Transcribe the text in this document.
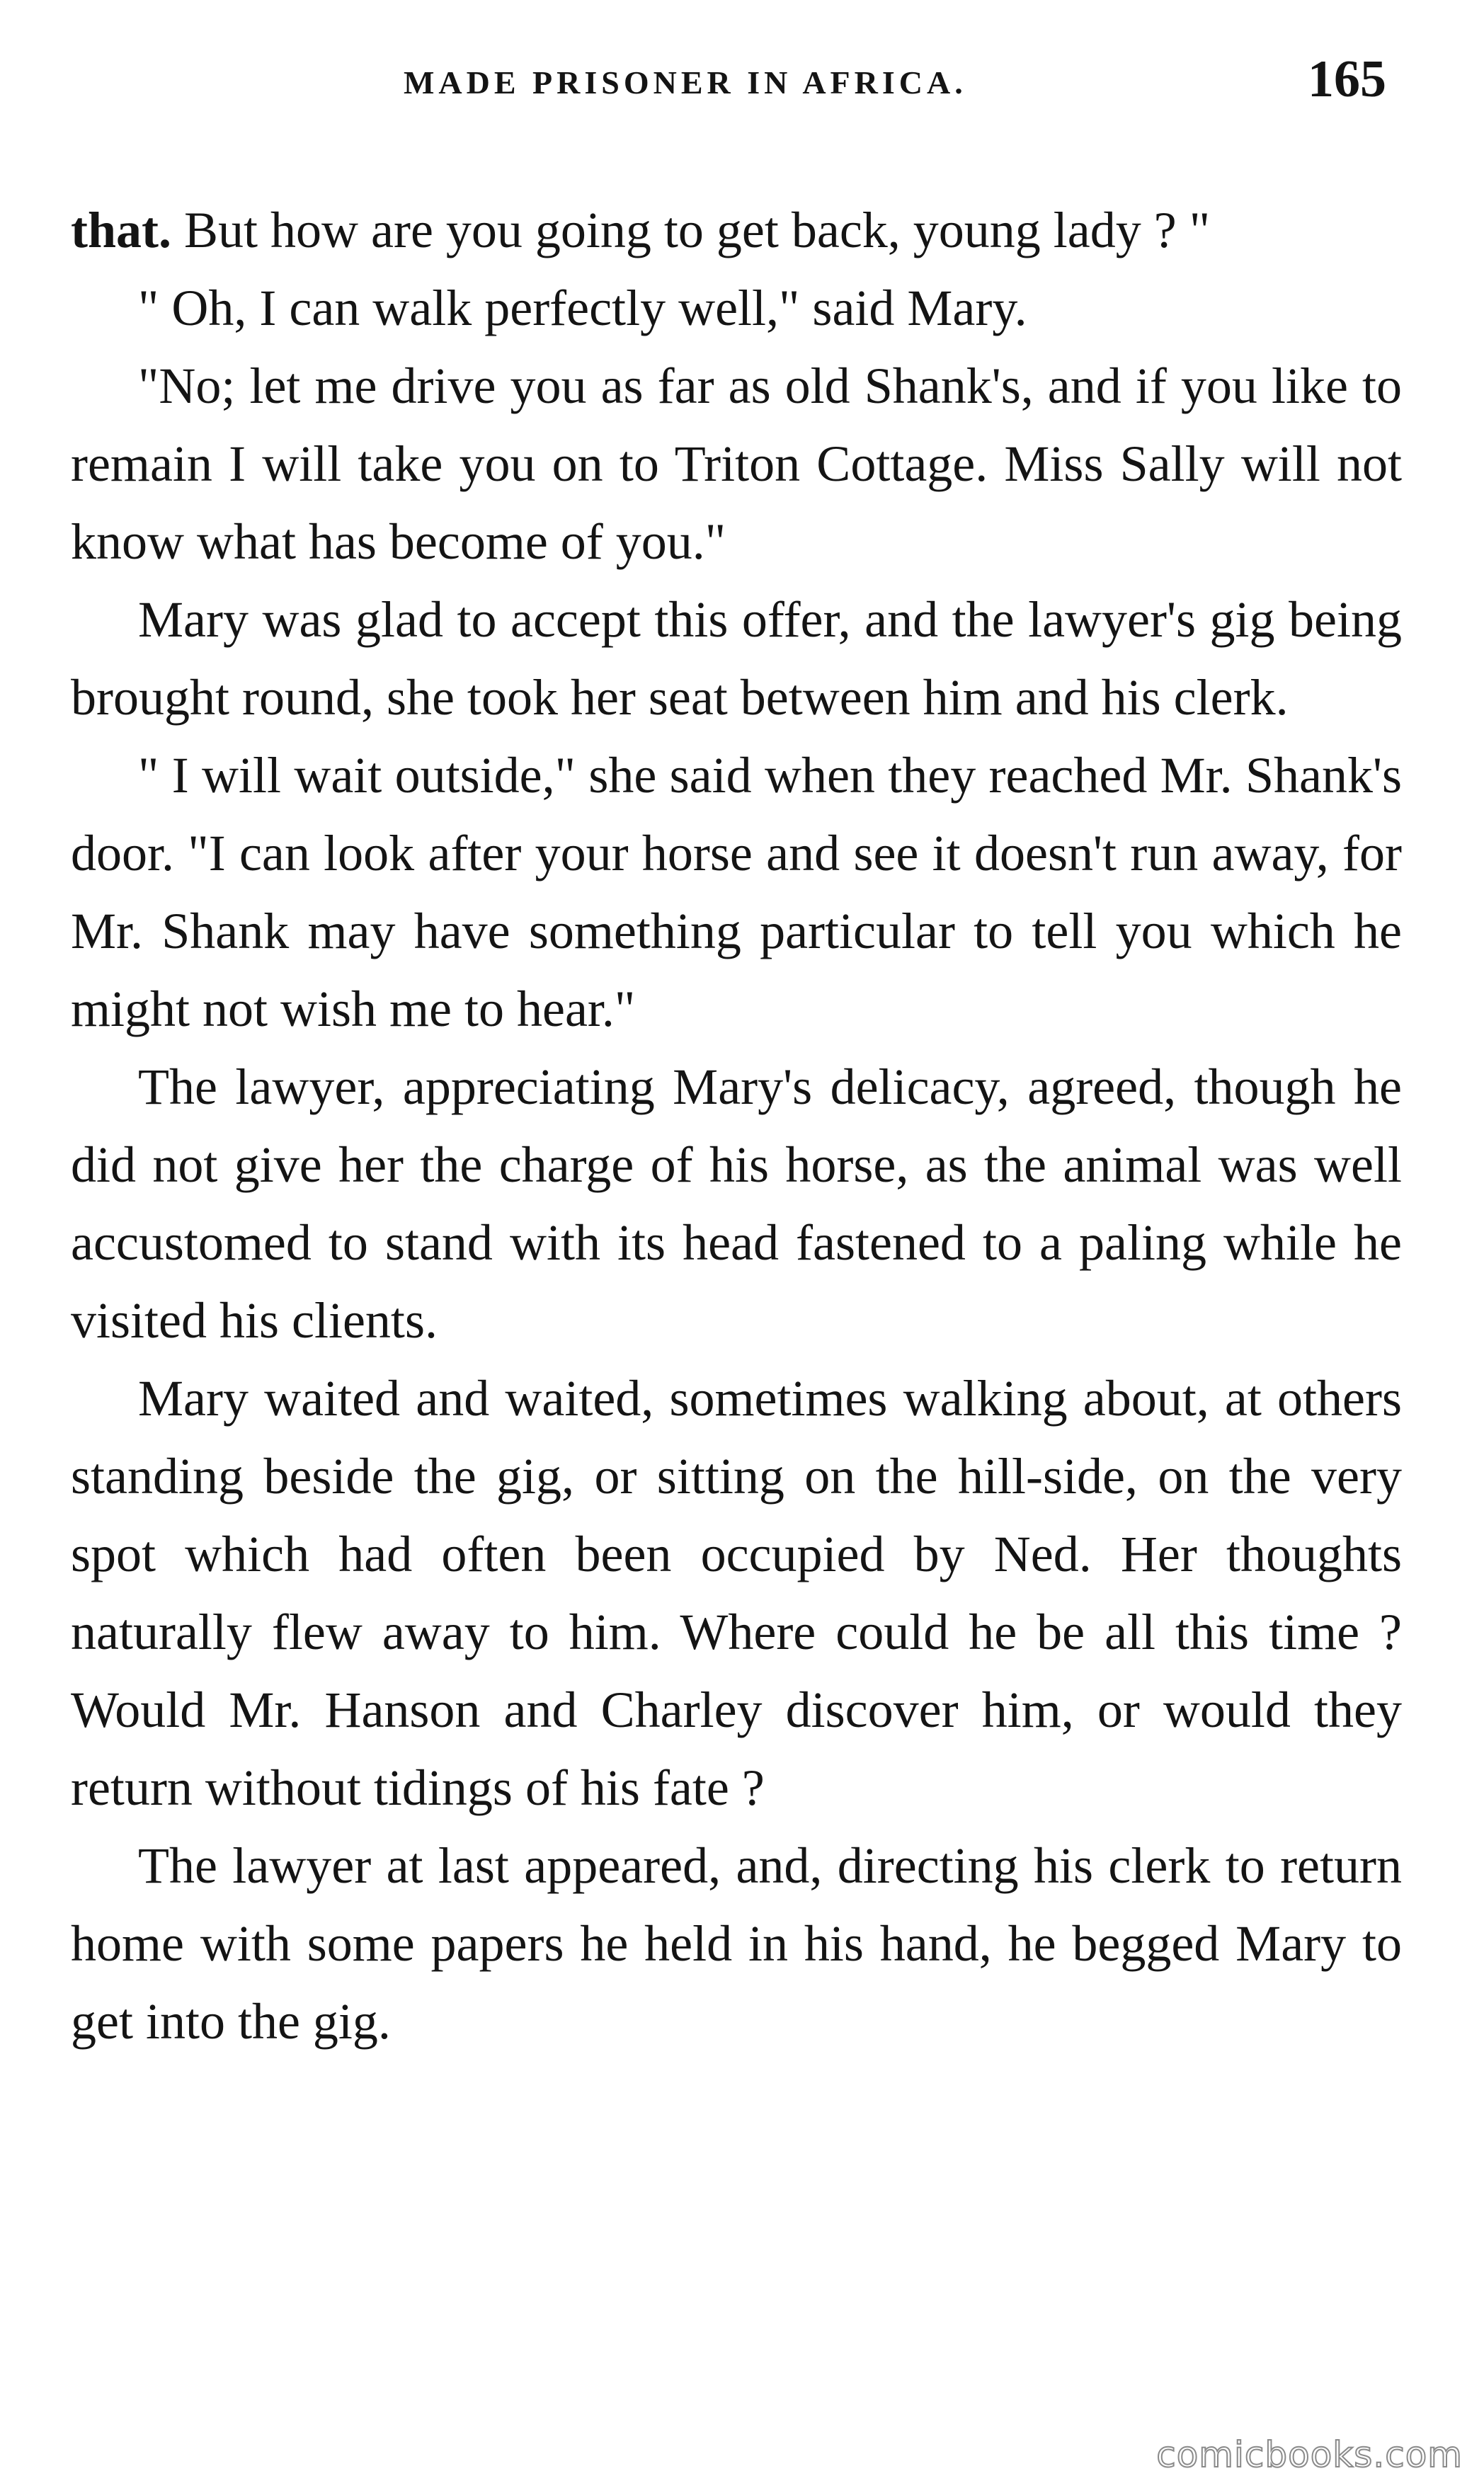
MADE PRISONER IN AFRICA.	165

that. But how are you going to get back, young lady ? "

" Oh, I can walk perfectly well," said Mary.

"No; let me drive you as far as old Shank's, and if you like to remain I will take you on to Triton Cottage. Miss Sally will not know what has become of you."

Mary was glad to accept this offer, and the lawyer's gig being brought round, she took her seat between him and his clerk.

" I will wait outside," she said when they reached Mr. Shank's door. "I can look after your horse and see it doesn't run away, for Mr. Shank may have something particular to tell you which he might not wish me to hear."

The lawyer, appreciating Mary's delicacy, agreed, though he did not give her the charge of his horse, as the animal was well accustomed to stand with its head fastened to a paling while he visited his clients.

Mary waited and waited, sometimes walking about, at others standing beside the gig, or sitting on the hill-side, on the very spot which had often been occupied by Ned. Her thoughts naturally flew away to him. Where could he be all this time ? Would Mr. Hanson and Charley discover him, or would they return without tidings of his fate ?

The lawyer at last appeared, and, directing his clerk to return home with some papers he held in his hand, he begged Mary to get into the gig.

comicbooks.com
